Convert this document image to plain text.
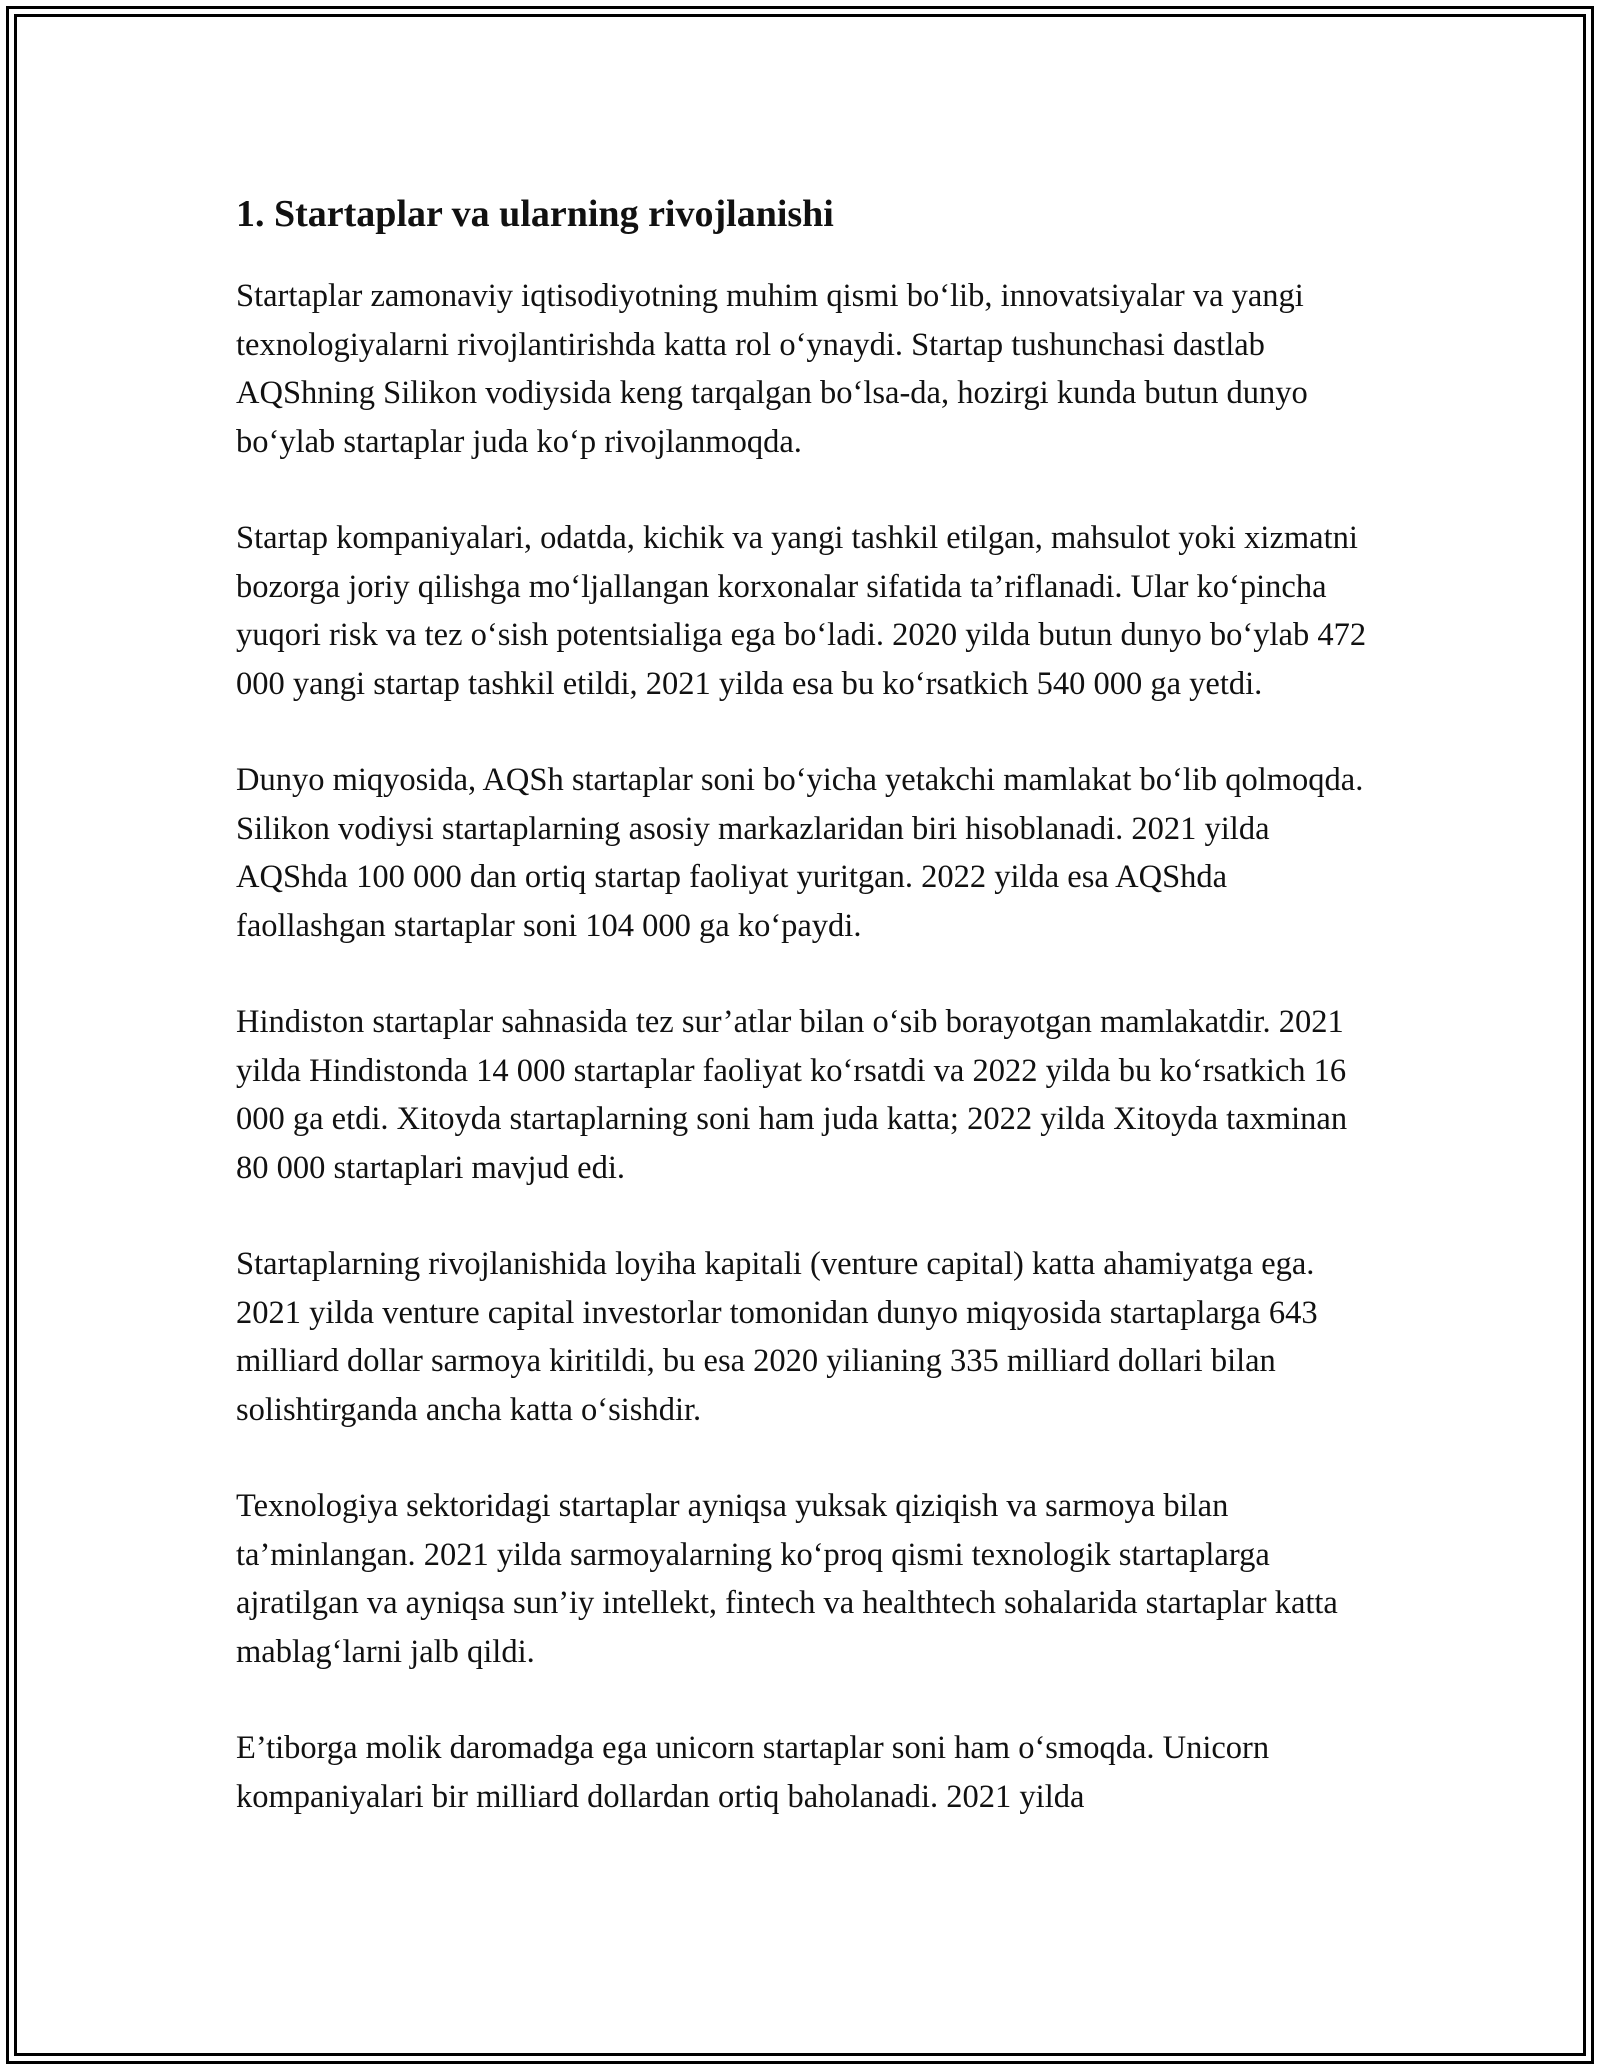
1. Startaplar va ularning rivojlanishi

Startaplar zamonaviy iqtisodiyotning muhim qismi bo‘lib, innovatsiyalar va yangi texnologiyalarni rivojlantirishda katta rol o‘ynaydi. Startap tushunchasi dastlab AQShning Silikon vodiysida keng tarqalgan bo‘lsa-da, hozirgi kunda butun dunyo bo‘ylab startaplar juda ko‘p rivojlanmoqda.

Startap kompaniyalari, odatda, kichik va yangi tashkil etilgan, mahsulot yoki xizmatni bozorga joriy qilishga mo‘ljallangan korxonalar sifatida ta’riflanadi. Ular ko‘pincha yuqori risk va tez o‘sish potentsialiga ega bo‘ladi. 2020 yilda butun dunyo bo‘ylab 472 000 yangi startap tashkil etildi, 2021 yilda esa bu ko‘rsatkich 540 000 ga yetdi.

Dunyo miqyosida, AQSh startaplar soni bo‘yicha yetakchi mamlakat bo‘lib qolmoqda. Silikon vodiysi startaplarning asosiy markazlaridan biri hisoblanadi. 2021 yilda AQShda 100 000 dan ortiq startap faoliyat yuritgan. 2022 yilda esa AQShda faollashgan startaplar soni 104 000 ga ko‘paydi.

Hindiston startaplar sahnasida tez sur’atlar bilan o‘sib borayotgan mamlakatdir. 2021 yilda Hindistonda 14 000 startaplar faoliyat ko‘rsatdi va 2022 yilda bu ko‘rsatkich 16 000 ga etdi. Xitoyda startaplarning soni ham juda katta; 2022 yilda Xitoyda taxminan 80 000 startaplari mavjud edi.

Startaplarning rivojlanishida loyiha kapitali (venture capital) katta ahamiyatga ega. 2021 yilda venture capital investorlar tomonidan dunyo miqyosida startaplarga 643 milliard dollar sarmoya kiritildi, bu esa 2020 yilianing 335 milliard dollari bilan solishtirganda ancha katta o‘sishdir.

Texnologiya sektoridagi startaplar ayniqsa yuksak qiziqish va sarmoya bilan ta’minlangan. 2021 yilda sarmoyalarning ko‘proq qismi texnologik startaplarga ajratilgan va ayniqsa sun’iy intellekt, fintech va healthtech sohalarida startaplar katta mablag‘larni jalb qildi.

E’tiborga molik daromadga ega unicorn startaplar soni ham o‘smoqda. Unicorn kompaniyalari bir milliard dollardan ortiq baholanadi. 2021 yilda
